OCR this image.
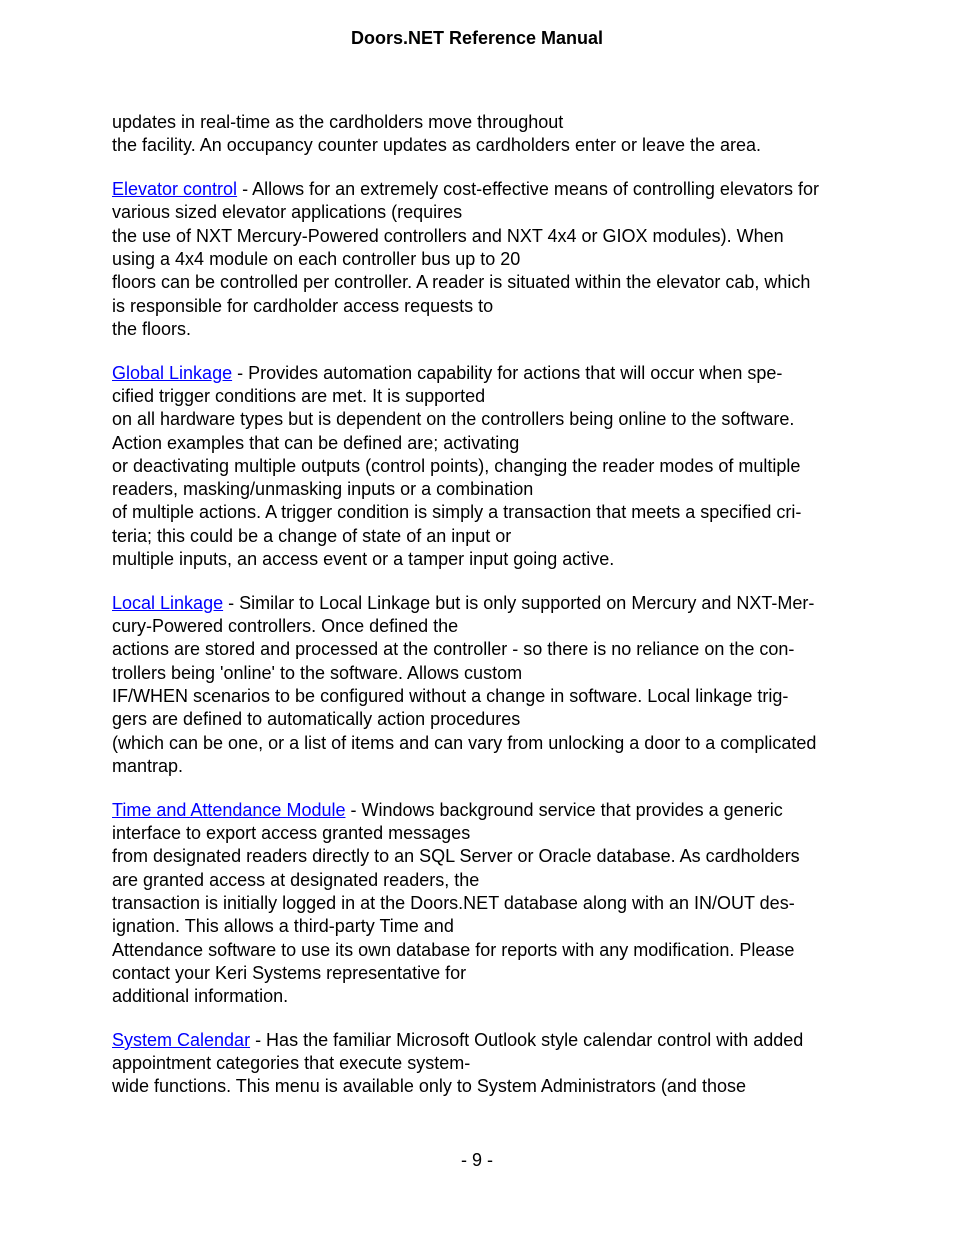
Doors.NET Reference Manual
updates in real-time as the cardholders move throughout
the facility. An occupancy counter updates as cardholders enter or leave the area.
Elevator control - Allows for an extremely cost-effective means of controlling elevators for
various sized elevator applications (requires
the use of NXT Mercury-Powered controllers and NXT 4x4 or GIOX modules). When
using a 4x4 module on each controller bus up to 20
floors can be controlled per controller. A reader is situated within the elevator cab, which
is responsible for cardholder access requests to
the floors.
Global Linkage - Provides automation capability for actions that will occur when spe-
cified trigger conditions are met. It is supported
on all hardware types but is dependent on the controllers being online to the software.
Action examples that can be defined are; activating
or deactivating multiple outputs (control points), changing the reader modes of multiple
readers, masking/unmasking inputs or a combination
of multiple actions. A trigger condition is simply a transaction that meets a specified cri-
teria; this could be a change of state of an input or
multiple inputs, an access event or a tamper input going active.
Local Linkage - Similar to Local Linkage but is only supported on Mercury and NXT-Mer-
cury-Powered controllers. Once defined the
actions are stored and processed at the controller - so there is no reliance on the con-
trollers being 'online' to the software. Allows custom
IF/WHEN scenarios to be configured without a change in software. Local linkage trig-
gers are defined to automatically action procedures
(which can be one, or a list of items and can vary from unlocking a door to a complicated
mantrap.
Time and Attendance Module - Windows background service that provides a generic
interface to export access granted messages
from designated readers directly to an SQL Server or Oracle database. As cardholders
are granted access at designated readers, the
transaction is initially logged in at the Doors.NET database along with an IN/OUT des-
ignation. This allows a third-party Time and
Attendance software to use its own database for reports with any modification. Please
contact your Keri Systems representative for
additional information.
System Calendar - Has the familiar Microsoft Outlook style calendar control with added
appointment categories that execute system-
wide functions. This menu is available only to System Administrators (and those
- 9 -
